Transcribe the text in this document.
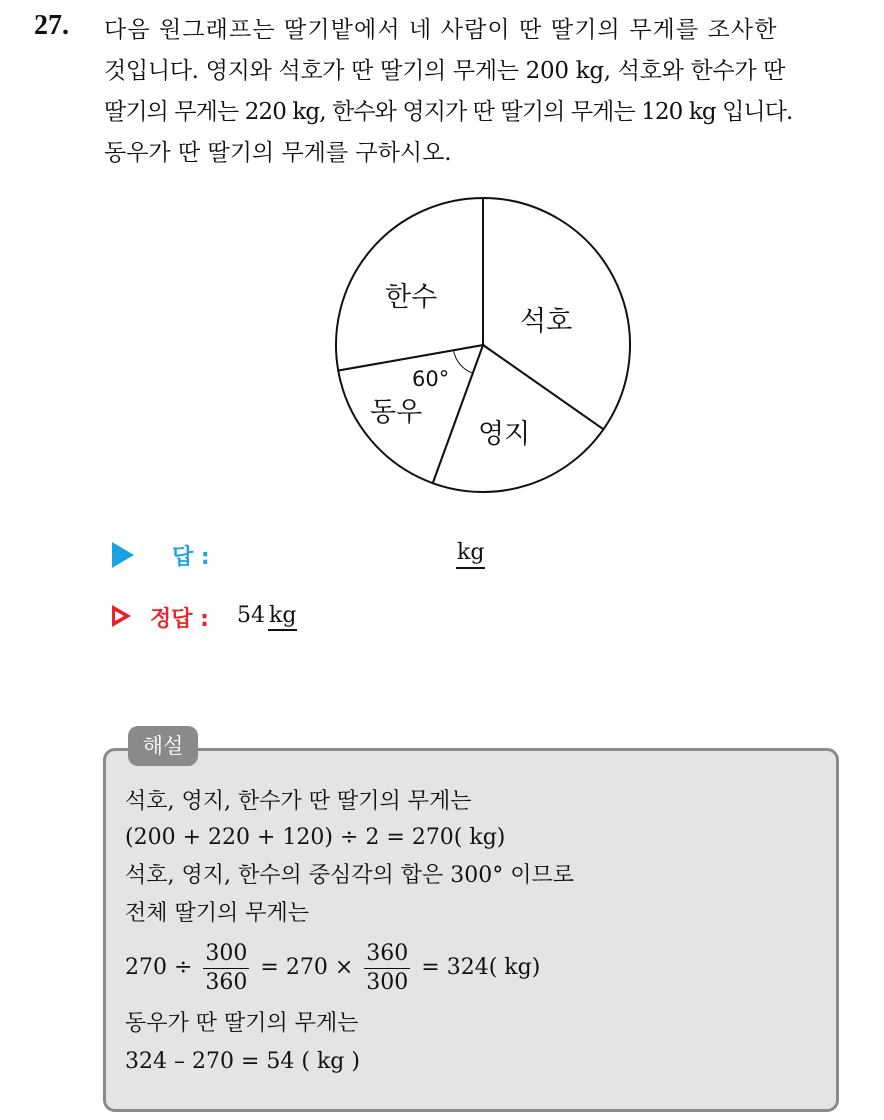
27. 다음 원그래프는 딸기밭에서 네 사람이 딴 딸기의 무게를 조사한
것입니다. 영지와 석호가 딴 딸기의 무게는 200 kg, 석호와 한수가 딴
딸기의 무게는 220 kg, 한수와 영지가 딴 딸기의 무게는 120 kg 입니다.
동우가 딴 딸기의 무게를 구하시오.
석호
영지
동우
한수
60°
답 :	kg
정답 : 54 kg
해설
석호, 영지, 한수가 딴 딸기의 무게는
(200 + 220 + 120) ÷ 2 = 270( kg)
석호, 영지, 한수의 중심각의 합은 300° 이므로
전체 딸기의 무게는
$270 \div \frac{300}{360} = 270 \times \frac{360}{300} = 324$( kg)
동우가 딴 딸기의 무게는
324 – 270 = 54 ( kg )
